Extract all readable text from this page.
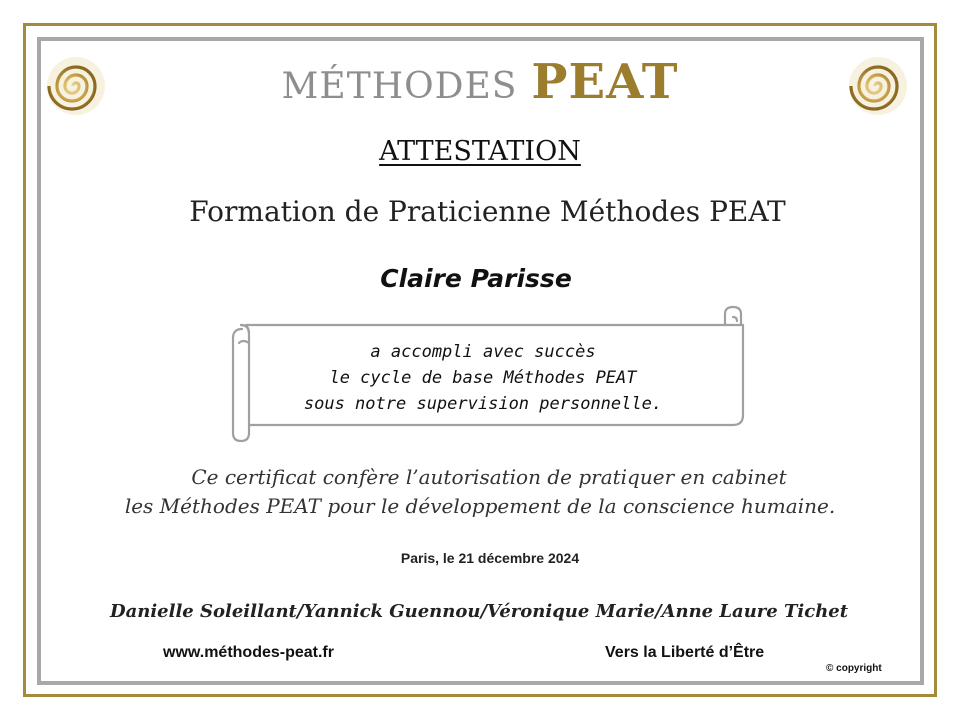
MÉTHODES PEAT
ATTESTATION
Formation de Praticienne Méthodes PEAT
Claire Parisse
a accompli avec succès
le cycle de base Méthodes PEAT
sous notre supervision personnelle.
Ce certificat confère l’autorisation de pratiquer en cabinet
les Méthodes PEAT pour le développement de la conscience humaine.
Paris, le 21 décembre 2024
Danielle Soleillant/Yannick Guennou/Véronique Marie/Anne Laure Tichet
www.méthodes-peat.fr	Vers la Liberté d’Être
© copyright
